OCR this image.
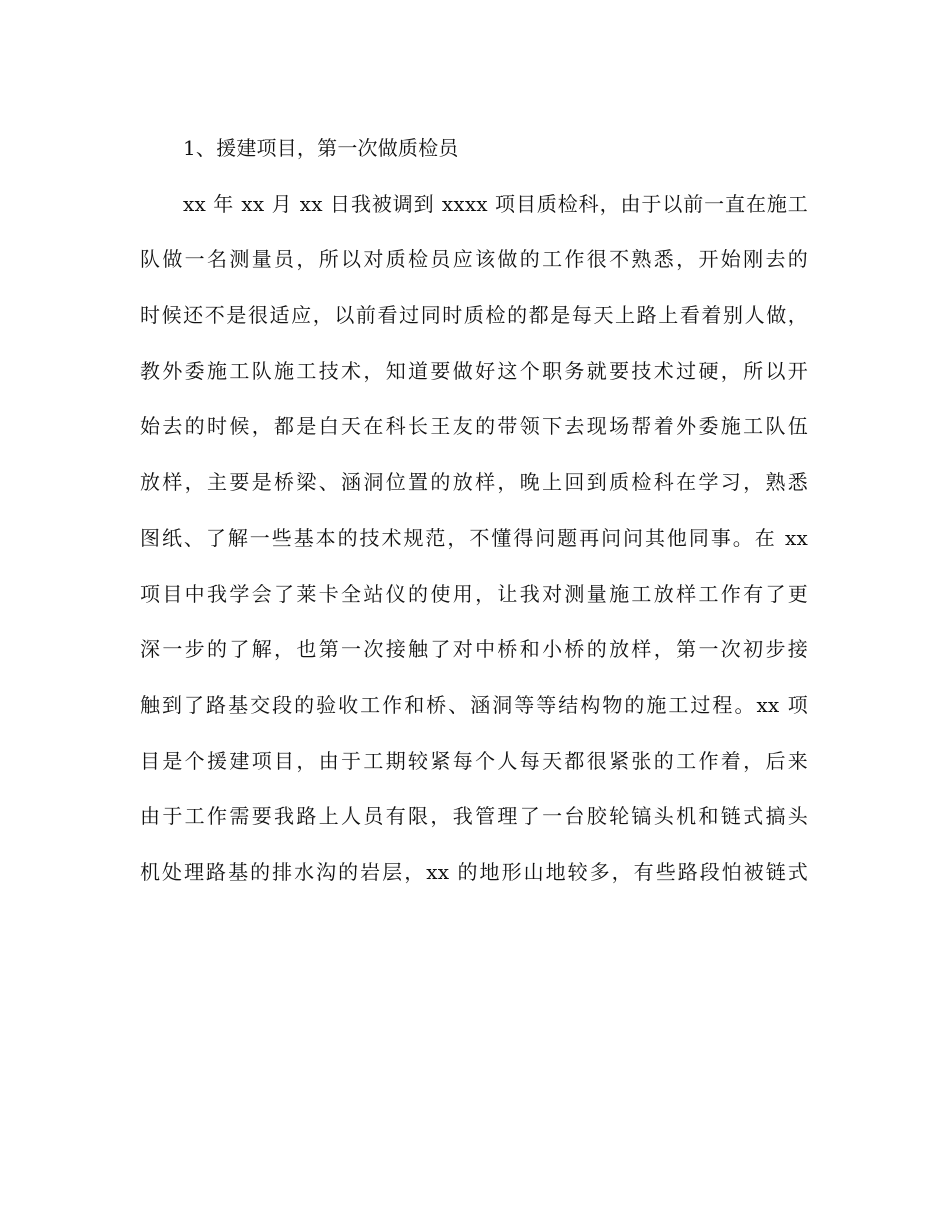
1、援建项目，第一次做质检员
xx 年 xx 月 xx 日我被调到 xxxx 项目质检科，由于以前一直在施工
队做一名测量员，所以对质检员应该做的工作很不熟悉，开始刚去的
时候还不是很适应，以前看过同时质检的都是每天上路上看着别人做，
教外委施工队施工技术，知道要做好这个职务就要技术过硬，所以开
始去的时候，都是白天在科长王友的带领下去现场帮着外委施工队伍
放样，主要是桥梁、涵洞位置的放样，晚上回到质检科在学习，熟悉
图纸、了解一些基本的技术规范，不懂得问题再问问其他同事。在 xx
项目中我学会了莱卡全站仪的使用，让我对测量施工放样工作有了更
深一步的了解，也第一次接触了对中桥和小桥的放样，第一次初步接
触到了路基交段的验收工作和桥、涵洞等等结构物的施工过程。xx 项
目是个援建项目，由于工期较紧每个人每天都很紧张的工作着，后来
由于工作需要我路上人员有限，我管理了一台胶轮镐头机和链式搞头
机处理路基的排水沟的岩层，xx 的地形山地较多，有些路段怕被链式
